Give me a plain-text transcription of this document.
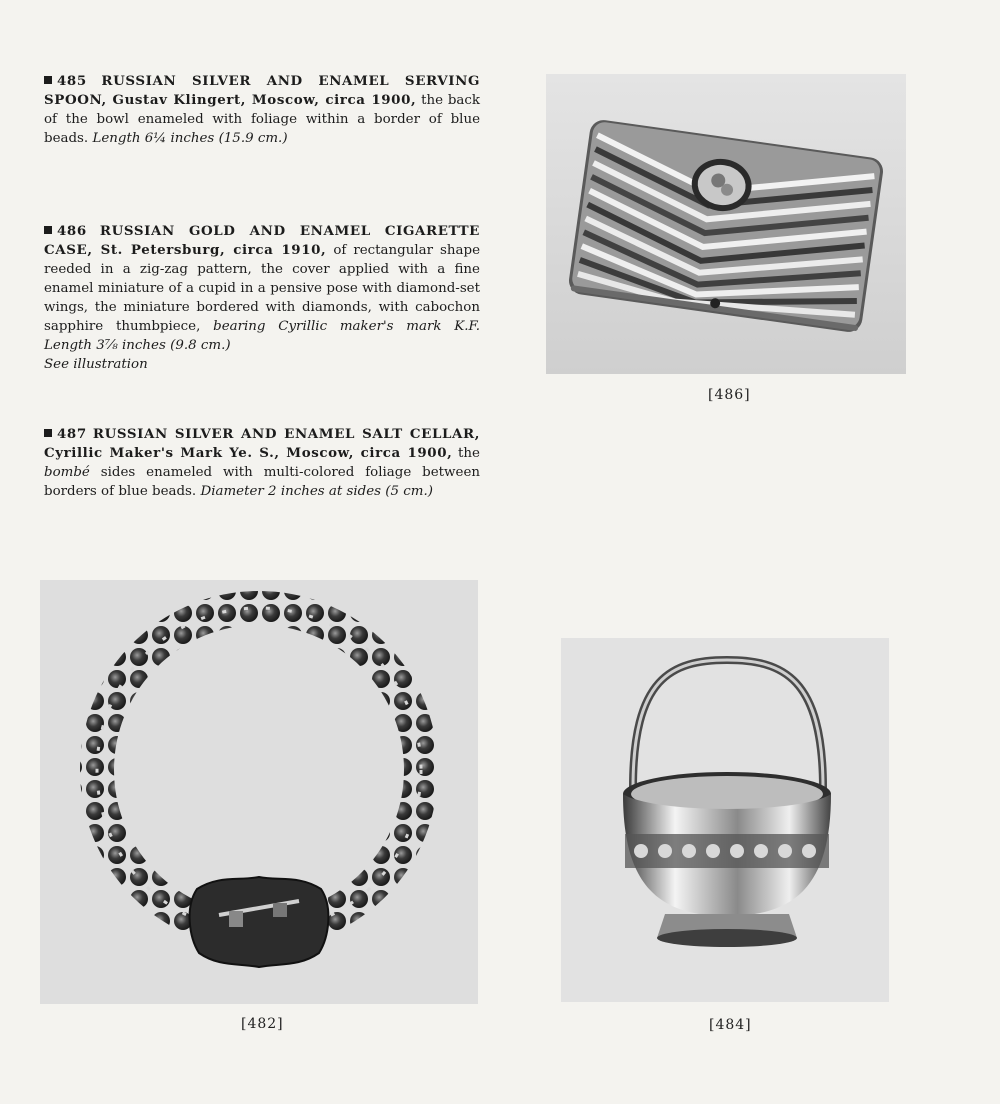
485 RUSSIAN SILVER AND ENAMEL SERVING SPOON, Gustav Klingert, Moscow, circa 1900, the back of the bowl enameled with foliage within a border of blue beads. Length 6¼ inches (15.9 cm.)
486 RUSSIAN GOLD AND ENAMEL CIGARETTE CASE, St. Petersburg, circa 1910, of rectangular shape reeded in a zig-zag pattern, the cover applied with a fine enamel miniature of a cupid in a pensive pose with diamond-set wings, the miniature bordered with diamonds, with cabochon sapphire thumbpiece, bearing Cyrillic maker's mark K.F. Length 3⅞ inches (9.8 cm.)
See illustration
487 RUSSIAN SILVER AND ENAMEL SALT CELLAR, Cyrillic Maker's Mark Ye. S., Moscow, circa 1900, the bombé sides enameled with multi-colored foliage between borders of blue beads. Diameter 2 inches at sides (5 cm.)
[486]
[482]	[484]
